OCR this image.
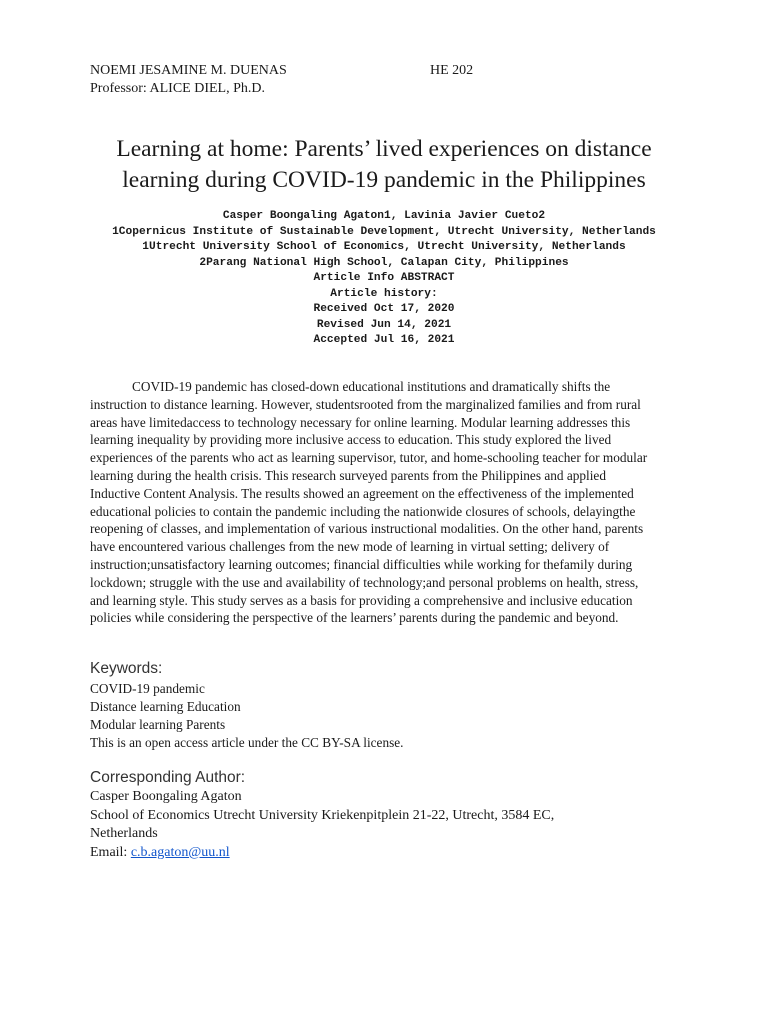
NOEMI JESAMINE M. DUENAS	HE 202
Professor: ALICE DIEL, Ph.D.
Learning at home: Parents’ lived experiences on distance
learning during COVID-19 pandemic in the Philippines
Casper Boongaling Agaton1, Lavinia Javier Cueto2
1Copernicus Institute of Sustainable Development, Utrecht University, Netherlands
1Utrecht University School of Economics, Utrecht University, Netherlands
2Parang National High School, Calapan City, Philippines
Article Info ABSTRACT
Article history:
Received Oct 17, 2020
Revised Jun 14, 2021
Accepted Jul 16, 2021

COVID-19 pandemic has closed-down educational institutions and dramatically shifts the instruction to distance learning. However, studentsrooted from the marginalized families and from rural areas have limitedaccess to technology necessary for online learning. Modular learning addresses this learning inequality by providing more inclusive access to education. This study explored the lived experiences of the parents who act as learning supervisor, tutor, and home-schooling teacher for modular learning during the health crisis. This research surveyed parents from the Philippines and applied Inductive Content Analysis. The results showed an agreement on the effectiveness of the implemented educational policies to contain the pandemic including the nationwide closures of schools, delayingthe reopening of classes, and implementation of various instructional modalities. On the other hand, parents have encountered various challenges from the new mode of learning in virtual setting; delivery of instruction;unsatisfactory learning outcomes; financial difficulties while working for thefamily during lockdown; struggle with the use and availability of technology;and personal problems on health, stress, and learning style. This study serves as a basis for providing a comprehensive and inclusive education policies while considering the perspective of the learners’ parents during the pandemic and beyond.

Keywords:
COVID-19 pandemic
Distance learning Education
Modular learning Parents
This is an open access article under the CC BY-SA license.
Corresponding Author:
Casper Boongaling Agaton
School of Economics Utrecht University Kriekenpitplein 21-22, Utrecht, 3584 EC,
Netherlands
Email: c.b.agaton@uu.nl
